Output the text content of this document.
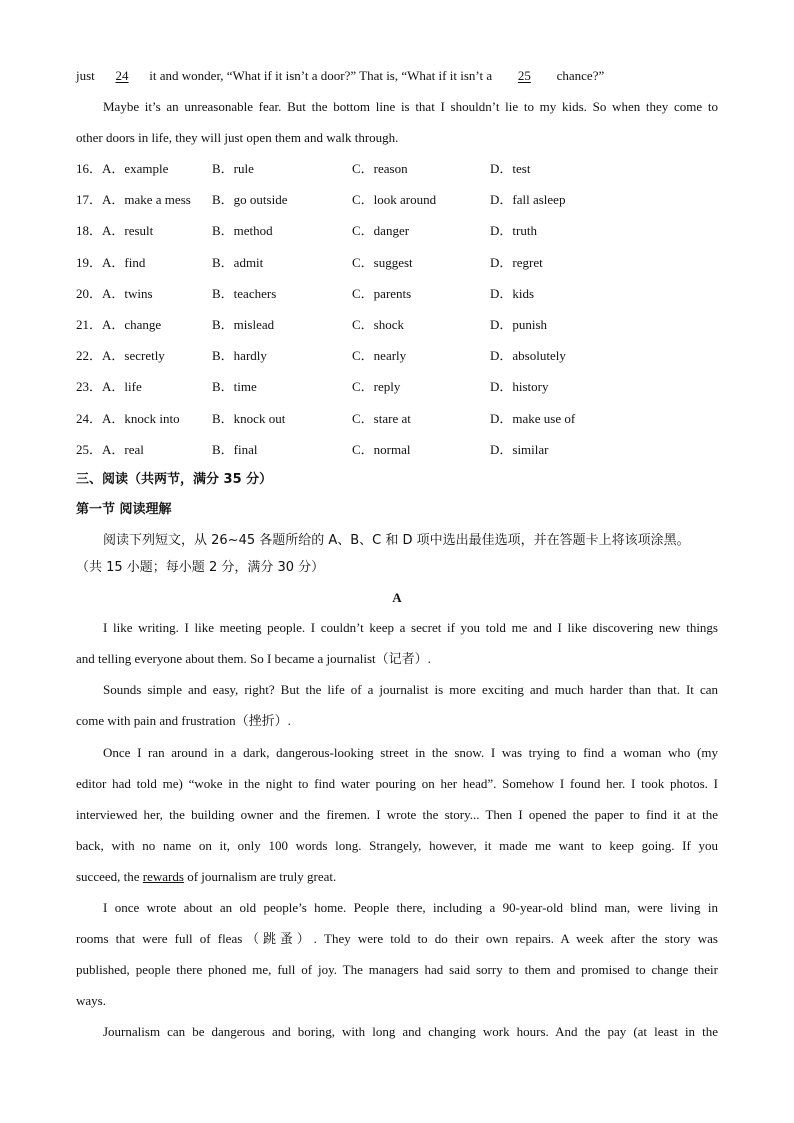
just 24 it and wonder, “What if it isn’t a door?” That is, “What if it isn’t a 25 chance?”
Maybe it’s an unreasonable fear. But the bottom line is that I shouldn’t lie to my kids. So when they come to
other doors in life, they will just open them and walk through.
16． A．example	B．rule	C．reason	D．test
17． A．make a mess B．go outside	C．look around	D．fall asleep
18． A．result	B．method	C．danger	D．truth
19． A．find	B．admit	C．suggest	D．regret
20． A．twins	B．teachers	C．parents	D．kids
21． A．change	B．mislead	C．shock	D．punish
22． A．secretly	B．hardly	C．nearly	D．absolutely
23． A．life	B．time	C．reply	D．history
24． A．knock into B．knock out	C．stare at	D．make use of
25． A．real	B．final	C．normal	D．similar
三、阅读（共两节，满分 35 分）
第一节 阅读理解
阅读下列短文，从 26~45 各题所给的 A、B、C 和 D 项中选出最佳选项，并在答题卡上将该项涂黑。
（共 15 小题；每小题 2 分，满分 30 分）
A
I like writing. I like meeting people. I couldn’t keep a secret if you told me and I like discovering new things
and telling everyone about them. So I became a journalist（记者）.
Sounds simple and easy, right? But the life of a journalist is more exciting and much harder than that. It can
come with pain and frustration（挫折）.
Once I ran around in a dark, dangerous-looking street in the snow. I was trying to find a woman who (my
editor had told me) “woke in the night to find water pouring on her head”. Somehow I found her. I took photos. I
interviewed her, the building owner and the firemen. I wrote the story... Then I opened the paper to find it at the
back, with no name on it, only 100 words long. Strangely, however, it made me want to keep going. If you
succeed, the rewards of journalism are truly great.
I once wrote about an old people’s home. People there, including a 90-year-old blind man, were living in
rooms that were full of fleas（跳蚤）. They were told to do their own repairs. A week after the story was
published, people there phoned me, full of joy. The managers had said sorry to them and promised to change their
ways.
Journalism can be dangerous and boring, with long and changing work hours. And the pay (at least in the
